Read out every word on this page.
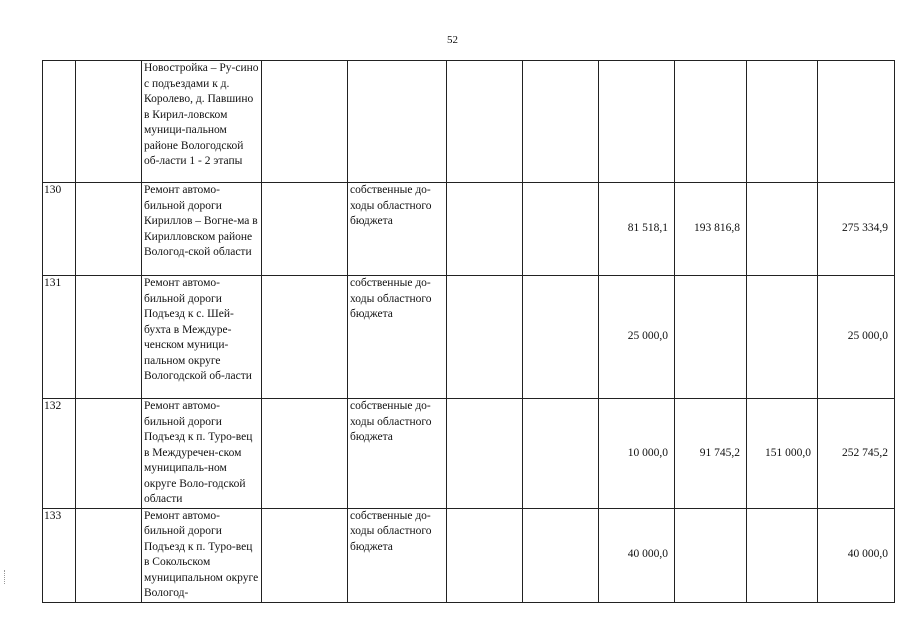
52
		Новостройка – Ру-сино с подъездами к д. Королево, д. Павшино в Кирил-ловском муници-пальном районе Вологодской об-ласти 1 - 2 этапы								
130		Ремонт автомо-бильной дороги Кириллов – Вогне-ма в Кирилловском районе Вологод-ской области		собственные до-ходы областного бюджета			81 518,1	193 816,8		275 334,9
131		Ремонт автомо-бильной дороги Подъезд к с. Шей-бухта в Междуре-ченском муници-пальном округе Вологодской об-ласти		собственные до-ходы областного бюджета			25 000,0			25 000,0
132		Ремонт автомо-бильной дороги Подъезд к п. Туро-вец в Междуречен-ском муниципаль-ном округе Воло-годской области		собственные до-ходы областного бюджета			10 000,0	91 745,2	151 000,0	252 745,2
133		Ремонт автомо-бильной дороги Подъезд к п. Туро-вец в Сокольском муниципальном округе Вологод-		собственные до-ходы областного бюджета			40 000,0			40 000,0
